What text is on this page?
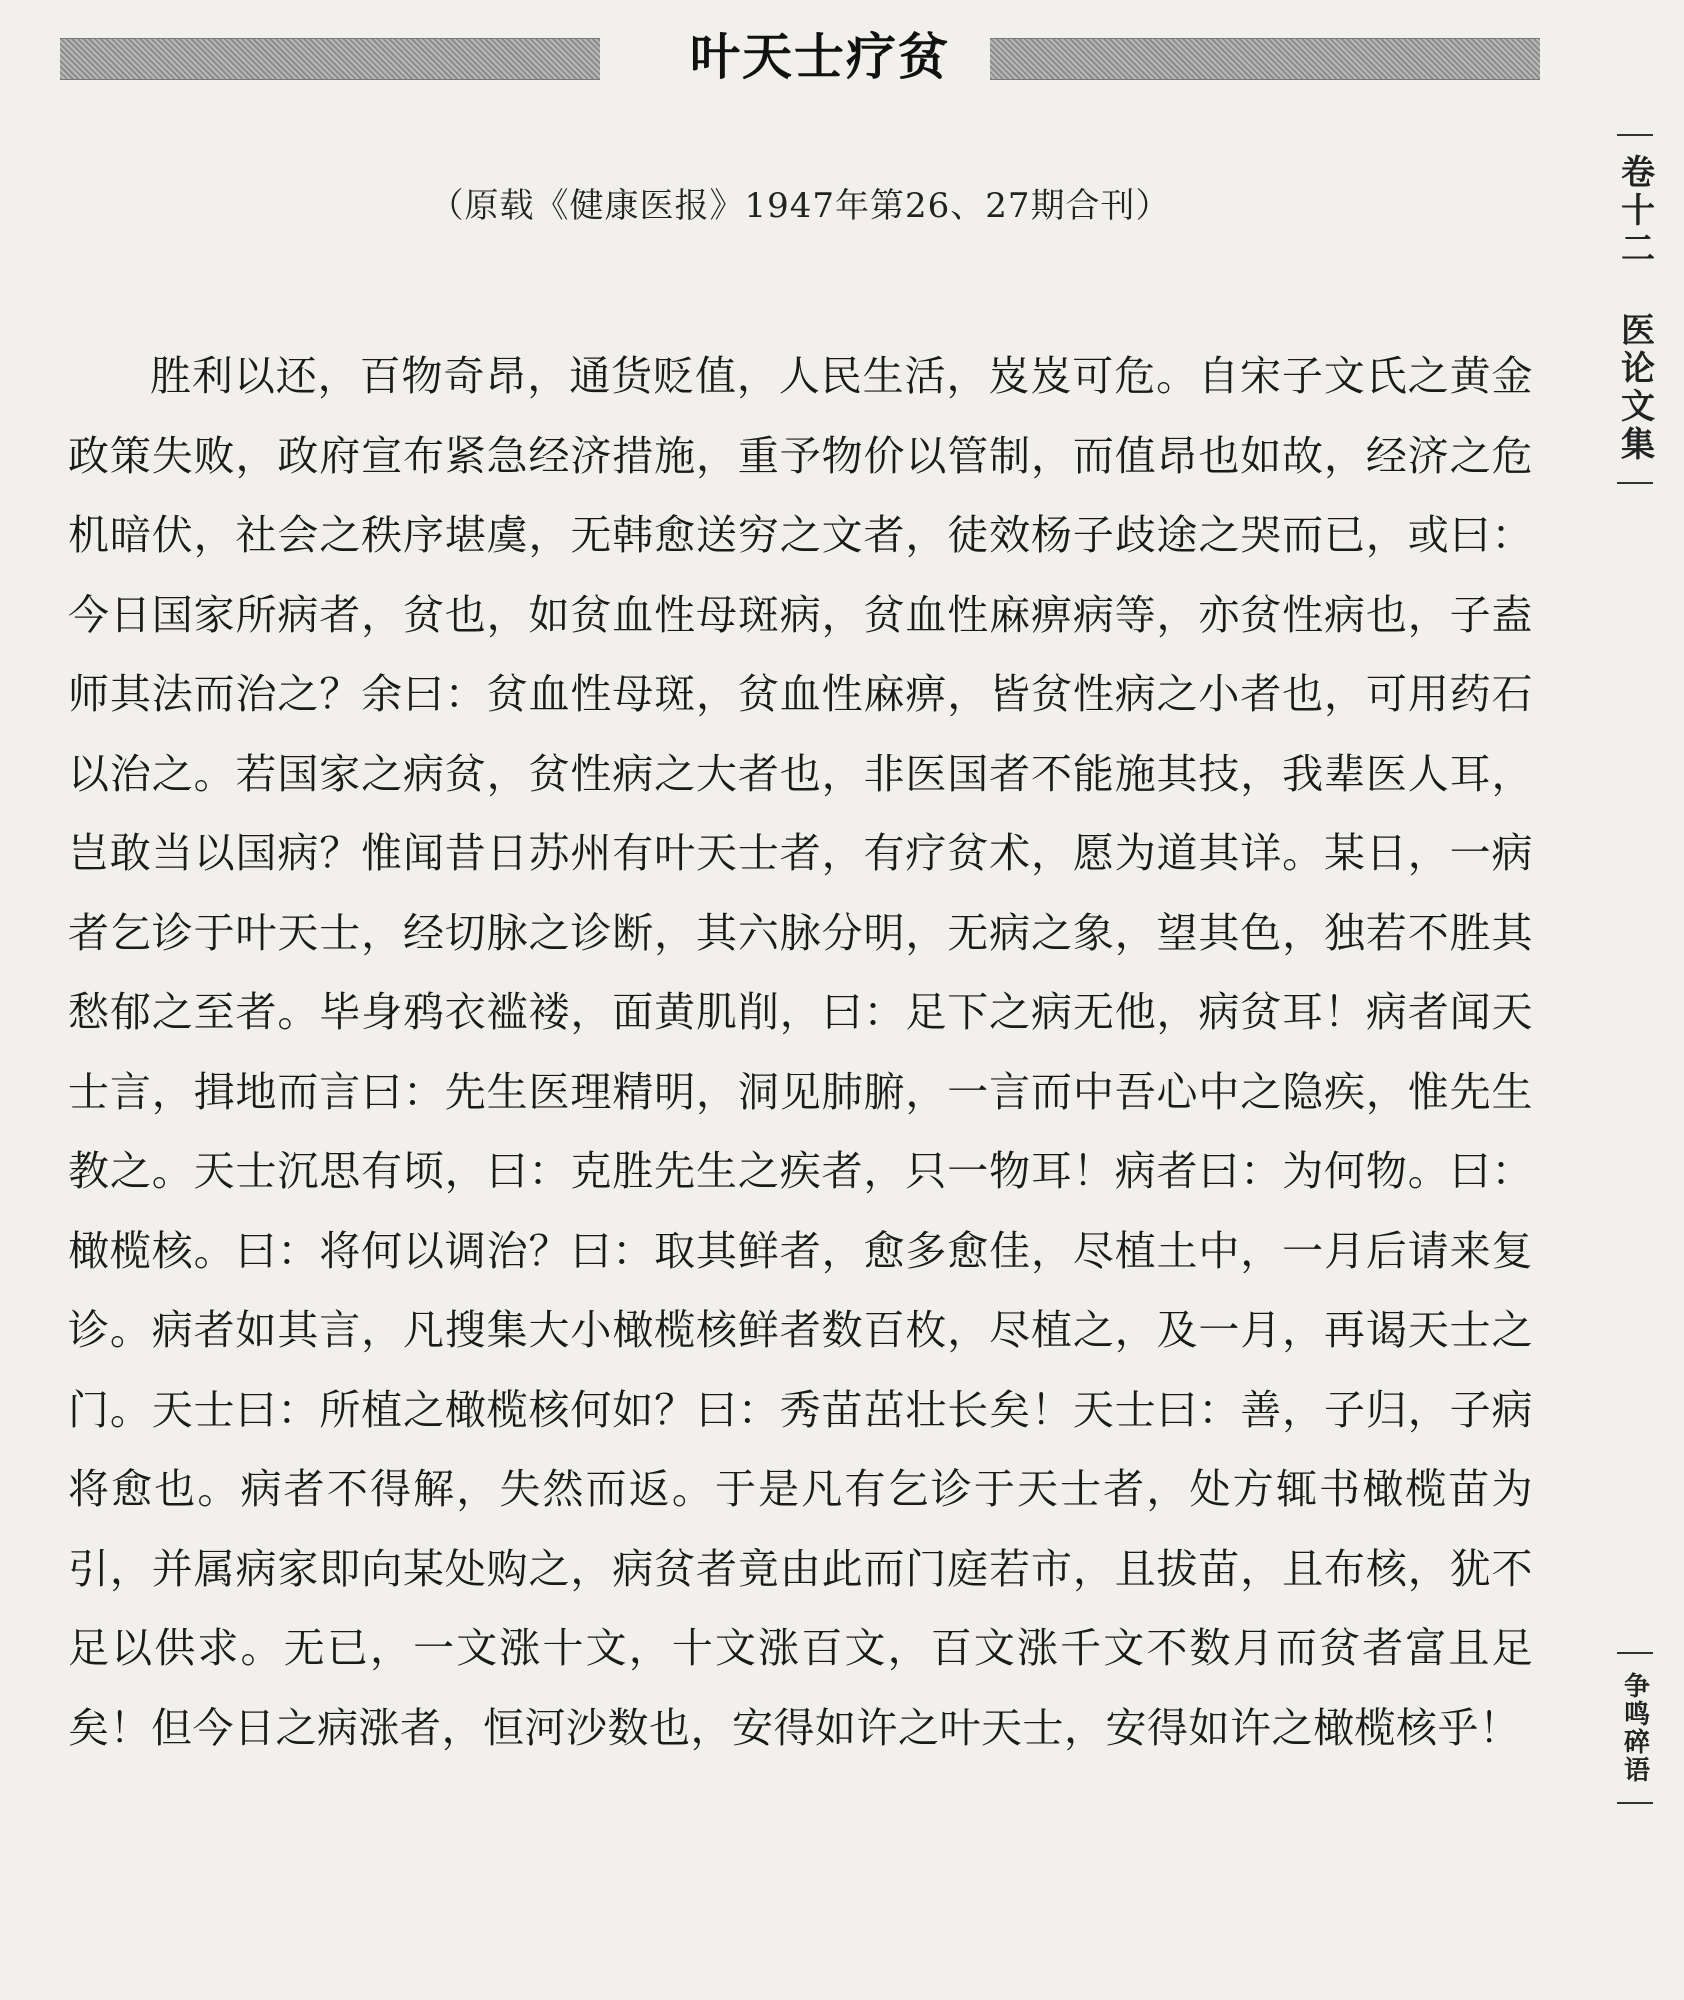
叶天士疗贫
（原载《健康医报》1947年第26、27期合刊）

胜利以还，百物奇昂，通货贬值，人民生活，岌岌可危。自宋子文氏之黄金政策失败，政府宣布紧急经济措施，重予物价以管制，而值昂也如故，经济之危机暗伏，社会之秩序堪虞，无韩愈送穷之文者，徒效杨子歧途之哭而已，或曰：今日国家所病者，贫也，如贫血性母斑病，贫血性麻痹病等，亦贫性病也，子盍师其法而治之？余曰：贫血性母斑，贫血性麻痹，皆贫性病之小者也，可用药石以治之。若国家之病贫，贫性病之大者也，非医国者不能施其技，我辈医人耳，岂敢当以国病？惟闻昔日苏州有叶天士者，有疗贫术，愿为道其详。某日，一病者乞诊于叶天士，经切脉之诊断，其六脉分明，无病之象，望其色，独若不胜其愁郁之至者。毕身鸦衣褴褛，面黄肌削，曰：足下之病无他，病贫耳！病者闻天士言，揖地而言曰：先生医理精明，洞见肺腑，一言而中吾心中之隐疾，惟先生教之。天士沉思有顷，曰：克胜先生之疾者，只一物耳！病者曰：为何物。曰：橄榄核。曰：将何以调治？曰：取其鲜者，愈多愈佳，尽植土中，一月后请来复诊。病者如其言，凡搜集大小橄榄核鲜者数百枚，尽植之，及一月，再谒天士之门。天士曰：所植之橄榄核何如？曰：秀苗茁壮长矣！天士曰：善，子归，子病将愈也。病者不得解，失然而返。于是凡有乞诊于天士者，处方辄书橄榄苗为引，并属病家即向某处购之，病贫者竟由此而门庭若市，且拔苗，且布核，犹不足以供求。无已，一文涨十文，十文涨百文，百文涨千文不数月而贫者富且足矣！但今日之病涨者，恒河沙数也，安得如许之叶天士，安得如许之橄榄核乎！

卷十二 医论文集
争鸣碎语
